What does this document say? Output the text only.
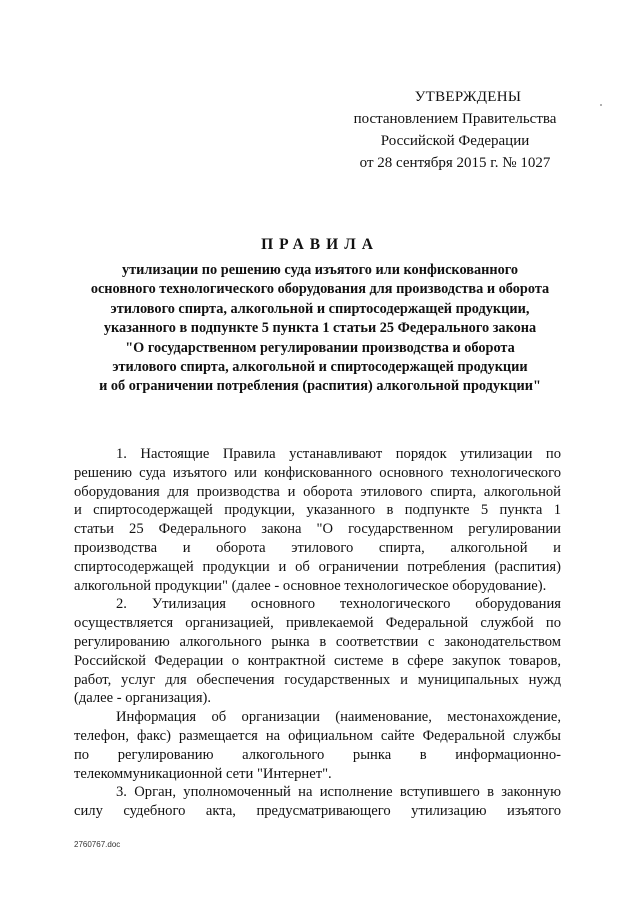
УТВЕРЖДЕНЫ
постановлением Правительства
Российской Федерации
от 28 сентября 2015 г. № 1027
ПРАВИЛА
утилизации по решению суда изъятого или конфискованного
основного технологического оборудования для производства и оборота
этилового спирта, алкогольной и спиртосодержащей продукции,
указанного в подпункте 5 пункта 1 статьи 25 Федерального закона
"О государственном регулировании производства и оборота
этилового спирта, алкогольной и спиртосодержащей продукции
и об ограничении потребления (распития) алкогольной продукции"
1. Настоящие Правила устанавливают порядок утилизации по
решению суда изъятого или конфискованного основного технологического
оборудования для производства и оборота этилового спирта, алкогольной
и спиртосодержащей продукции, указанного в подпункте 5 пункта 1
статьи 25 Федерального закона "О государственном регулировании
производства и оборота этилового спирта, алкогольной и
спиртосодержащей продукции и об ограничении потребления (распития)
алкогольной продукции" (далее - основное технологическое оборудование).
2. Утилизация основного технологического оборудования
осуществляется организацией, привлекаемой Федеральной службой по
регулированию алкогольного рынка в соответствии с законодательством
Российской Федерации о контрактной системе в сфере закупок товаров,
работ, услуг для обеспечения государственных и муниципальных нужд
(далее - организация).
Информация об организации (наименование, местонахождение,
телефон, факс) размещается на официальном сайте Федеральной службы
по регулированию алкогольного рынка в информационно-
телекоммуникационной сети "Интернет".
3. Орган, уполномоченный на исполнение вступившего в законную
силу судебного акта, предусматривающего утилизацию изъятого
2760767.doc
